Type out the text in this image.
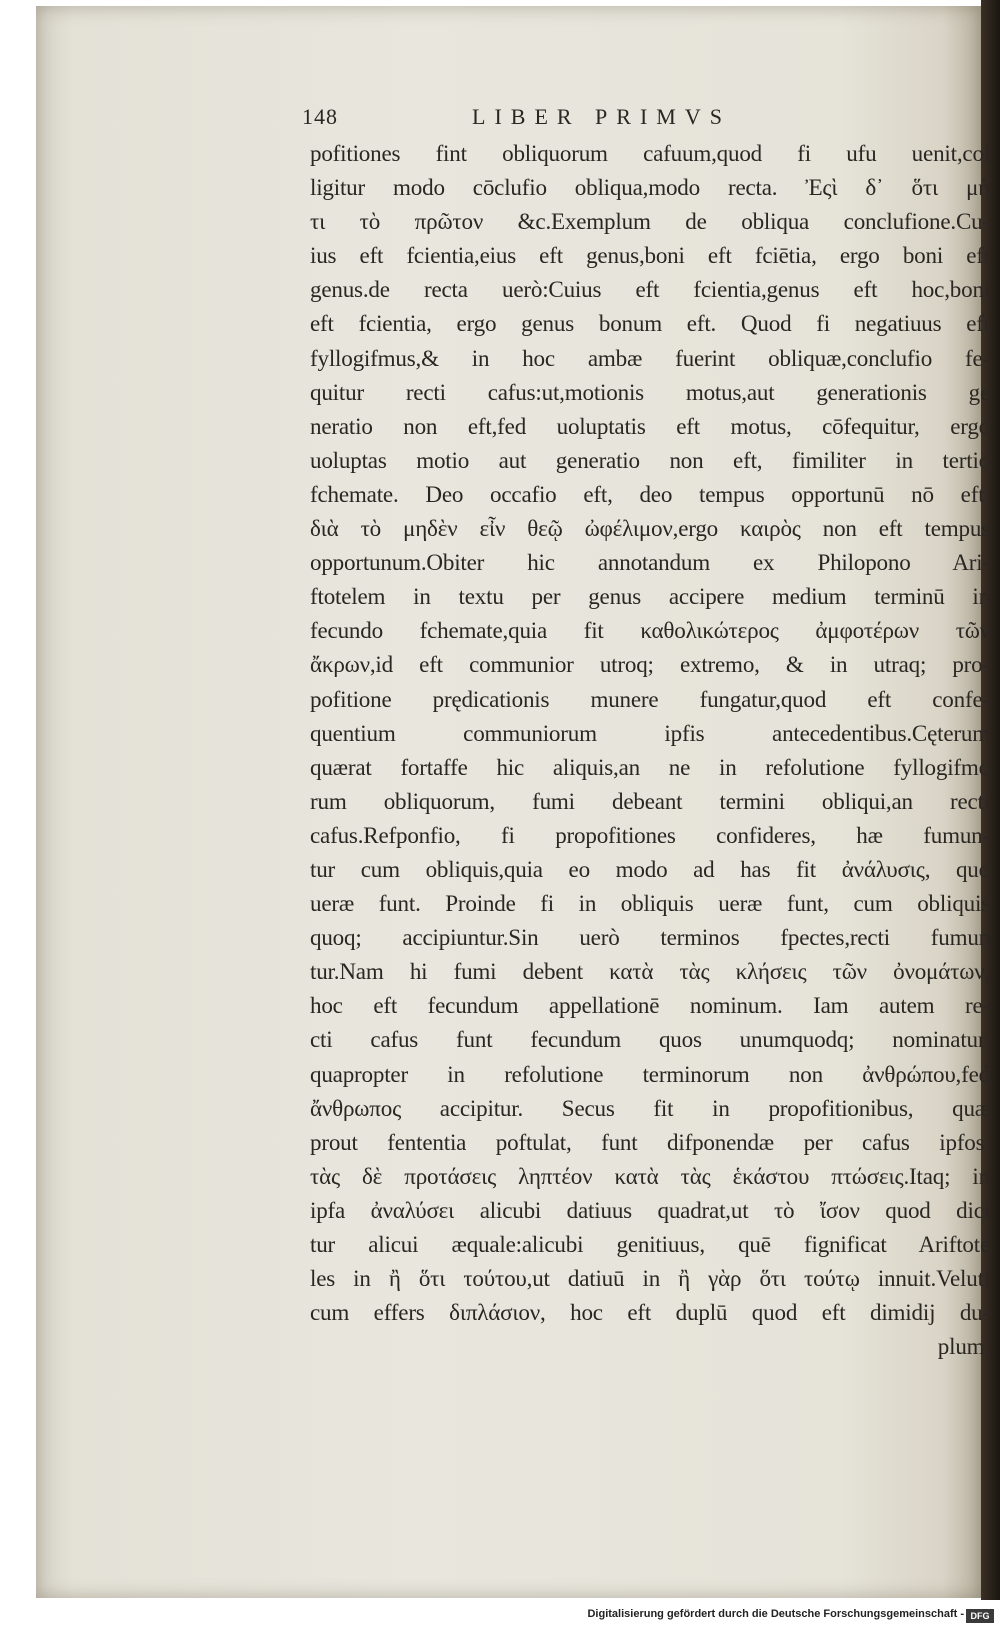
148	LIBER PRIMVS
pofitiones fint obliquorum cafuum,quod fi ufu uenit,col
ligitur modo cōclufio obliqua,modo recta. Ἐςὶ δ᾿ ὅτι μὴ
τι τὸ πρῶτον &c.Exemplum de obliqua conclufione.Cu-
ius eft fcientia,eius eft genus,boni eft fciētia, ergo boni eft
genus.de recta uerò:Cuius eft fcientia,genus eft hoc,boni
eft fcientia, ergo genus bonum eft. Quod fi negatiuus eft
fyllogifmus,& in hoc ambæ fuerint obliquæ,conclufio fe-
quitur recti cafus:ut,motionis motus,aut generationis ge
neratio non eft,fed uoluptatis eft motus, cōfequitur, ergo
uoluptas motio aut generatio non eft, fimiliter in tertio
fchemate. Deo occafio eft, deo tempus opportunū nō eft,
διὰ τὸ μηδὲν εἶν θεῷ ὠφέλιμον,ergo καιρὸς non eft tempus
opportunum.Obiter hic annotandum ex Philopono Ari-
ftotelem in textu per genus accipere medium terminū in
fecundo fchemate,quia fit καθολικώτερος ἀμφοτέρων τῶν
ἄκρων,id eft communior utroq; extremo, & in utraq; pro-
pofitione prędicationis munere fungatur,quod eft confe-
quentium communiorum ipfis antecedentibus.Cęterum
quærat fortaffe hic aliquis,an ne in refolutione fyllogifmo
rum obliquorum, fumi debeant termini obliqui,an recti
cafus.Refponfio, fi propofitiones confideres, hæ fumun-
tur cum obliquis,quia eo modo ad has fit ἀνάλυσις, quo
ueræ funt. Proinde fi in obliquis ueræ funt, cum obliquis
quoq; accipiuntur.Sin uerò terminos fpectes,recti fumun
tur.Nam hi fumi debent κατὰ τὰς κλήσεις τῶν ὀνομάτων,
hoc eft fecundum appellationē nominum. Iam autem re-
cti cafus funt fecundum quos unumquodq; nominatur,
quapropter in refolutione terminorum non ἀνθρώπου,fed
ἄνθρωπος accipitur. Secus fit in propofitionibus, quæ
prout fententia poftulat, funt difponendæ per cafus ipfos.
τὰς δὲ προτάσεις ληπτέον κατὰ τὰς ἑκάστου πτώσεις.Itaq; in
ipfa ἀναλύσει alicubi datiuus quadrat,ut τὸ ἴσον quod dici
tur alicui æquale:alicubi genitiuus, quē fignificat Ariftote
les in ἢ ὅτι τούτου,ut datiuū in ἢ γὰρ ὅτι τούτῳ innuit.Veluti
cum effers διπλάσιον, hoc eft duplū quod eft dimidij du-
plum,
Digitalisierung gefördert durch die Deutsche Forschungsgemeinschaft - DFG
